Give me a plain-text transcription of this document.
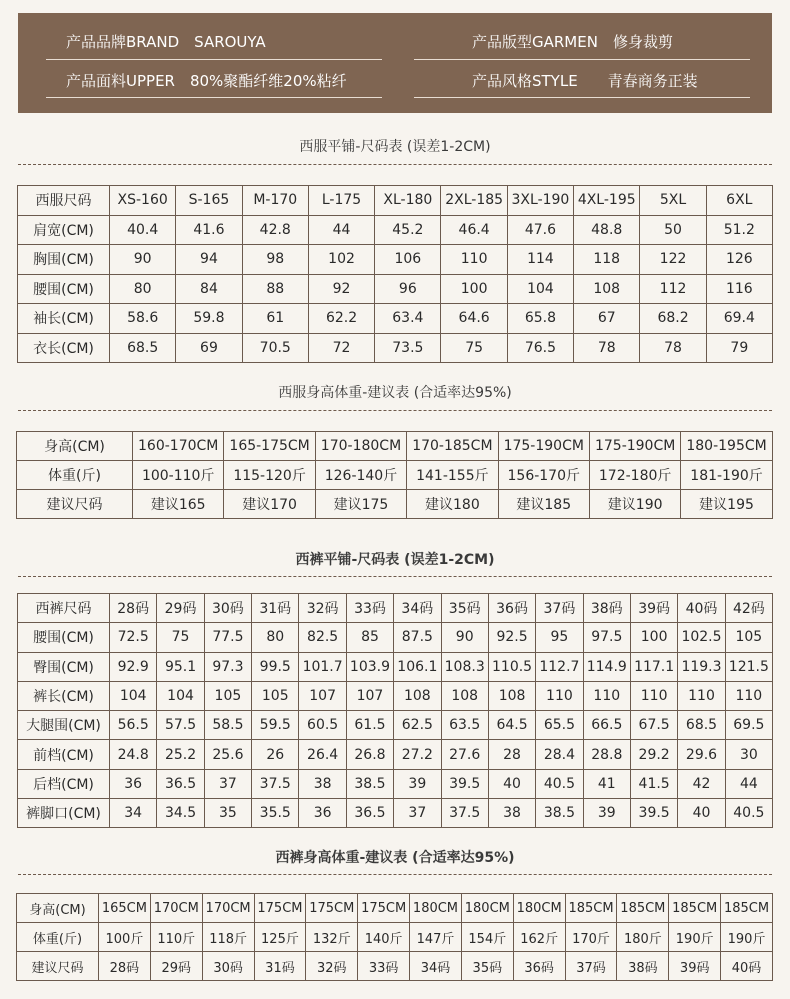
产品品牌BRAND　SAROUYA	产品版型GARMEN　修身裁剪
产品面料UPPER　80%聚酯纤维20%粘纤	产品风格STYLE　　青春商务正装
西服平铺-尺码表 (误差1-2CM)
西服尺码	XS-160	S-165	M-170	L-175	XL-180	2XL-185	3XL-190	4XL-195	5XL	6XL
肩宽(CM)	40.4	41.6	42.8	44	45.2	46.4	47.6	48.8	50	51.2
胸围(CM)	90	94	98	102	106	110	114	118	122	126
腰围(CM)	80	84	88	92	96	100	104	108	112	116
袖长(CM)	58.6	59.8	61	62.2	63.4	64.6	65.8	67	68.2	69.4
衣长(CM)	68.5	69	70.5	72	73.5	75	76.5	78	78	79
西服身高体重-建议表 (合适率达95%)
身高(CM)	160-170CM	165-175CM	170-180CM	170-185CM	175-190CM	175-190CM	180-195CM
体重(斤)	100-110斤	115-120斤	126-140斤	141-155斤	156-170斤	172-180斤	181-190斤
建议尺码	建议165	建议170	建议175	建议180	建议185	建议190	建议195
西裤平铺-尺码表 (误差1-2CM)
西裤尺码	28码	29码	30码	31码	32码	33码	34码	35码	36码	37码	38码	39码	40码	42码
腰围(CM)	72.5	75	77.5	80	82.5	85	87.5	90	92.5	95	97.5	100	102.5	105
臀围(CM)	92.9	95.1	97.3	99.5	101.7	103.9	106.1	108.3	110.5	112.7	114.9	117.1	119.3	121.5
裤长(CM)	104	104	105	105	107	107	108	108	108	110	110	110	110	110
大腿围(CM)	56.5	57.5	58.5	59.5	60.5	61.5	62.5	63.5	64.5	65.5	66.5	67.5	68.5	69.5
前档(CM)	24.8	25.2	25.6	26	26.4	26.8	27.2	27.6	28	28.4	28.8	29.2	29.6	30
后档(CM)	36	36.5	37	37.5	38	38.5	39	39.5	40	40.5	41	41.5	42	44
裤脚口(CM)	34	34.5	35	35.5	36	36.5	37	37.5	38	38.5	39	39.5	40	40.5
西裤身高体重-建议表 (合适率达95%)
身高(CM)	165CM	170CM	170CM	175CM	175CM	175CM	180CM	180CM	180CM	185CM	185CM	185CM	185CM
体重(斤)	100斤	110斤	118斤	125斤	132斤	140斤	147斤	154斤	162斤	170斤	180斤	190斤	190斤
建议尺码	28码	29码	30码	31码	32码	33码	34码	35码	36码	37码	38码	39码	40码
